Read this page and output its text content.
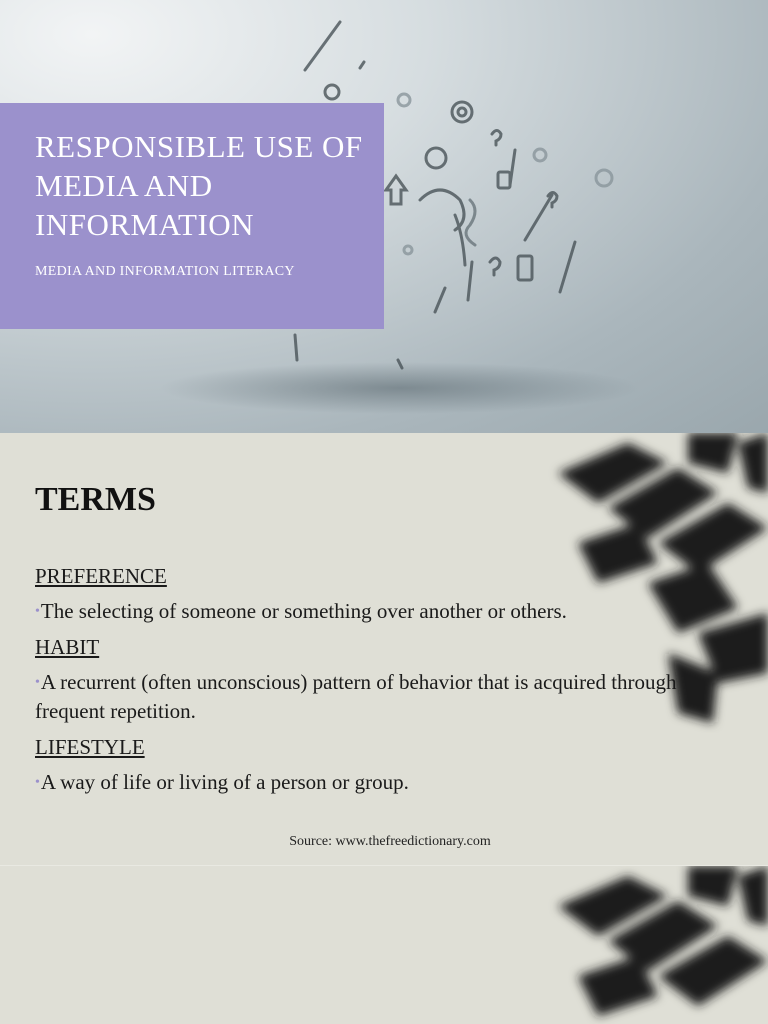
RESPONSIBLE USE OF MEDIA AND INFORMATION
MEDIA AND INFORMATION LITERACY
TERMS
PREFERENCE
•The selecting of someone or something over another or others.
HABIT
•A recurrent (often unconscious) pattern of behavior that is acquired through frequent repetition.
LIFESTYLE
•A way of life or living of a person or group.
Source: www.thefreedictionary.com
